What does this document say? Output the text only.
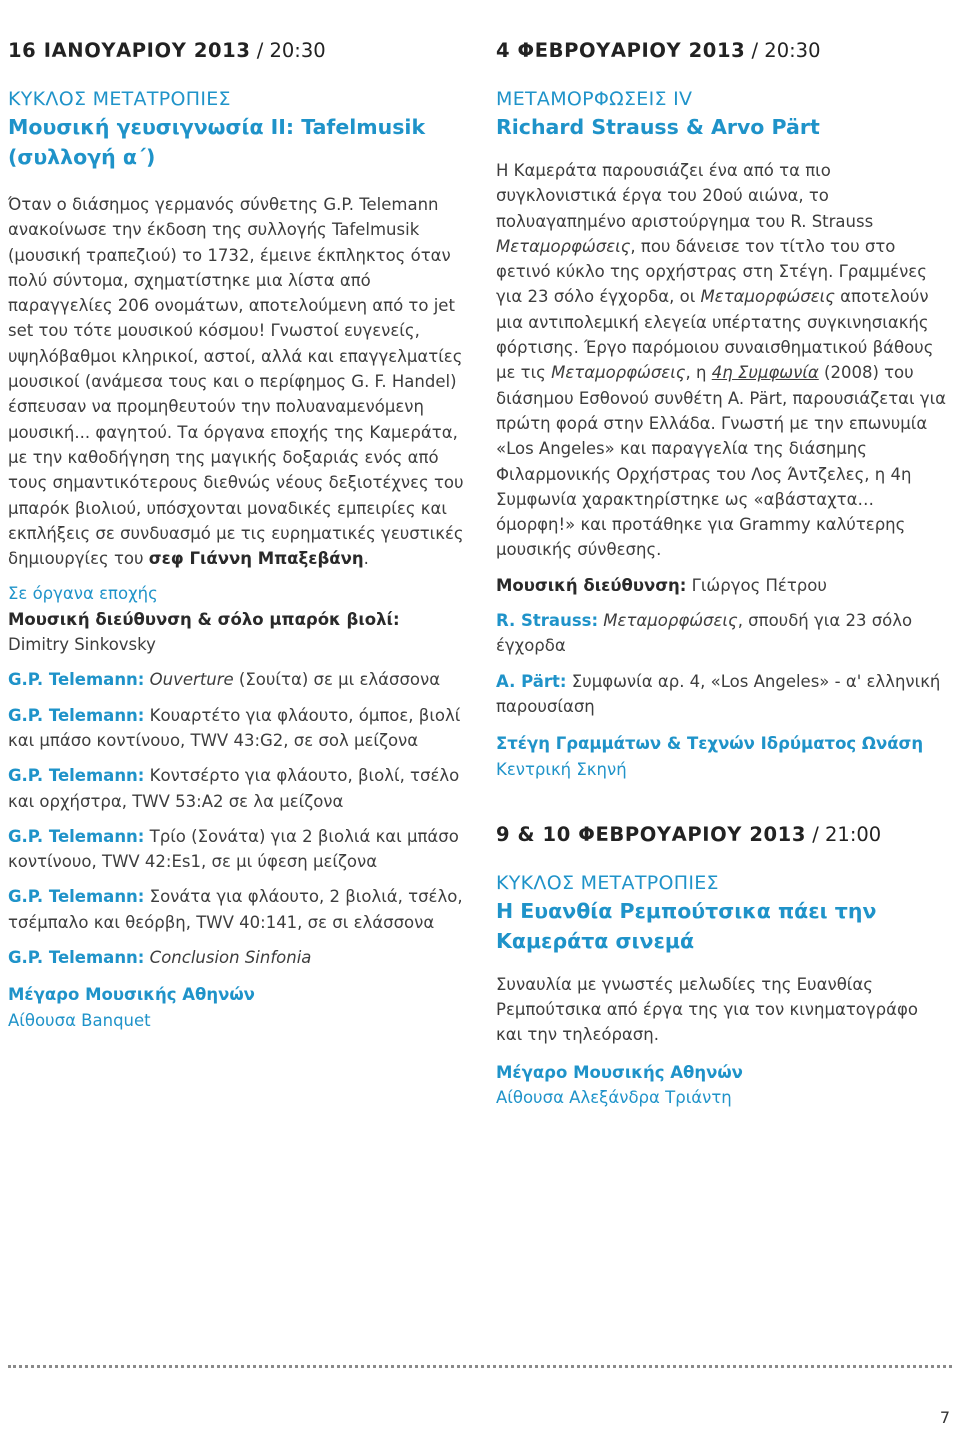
16 ΙΑΝΟΥΑΡΙΟΥ 2013 / 20:30
ΚΥΚΛΟΣ ΜΕΤΑΤΡΟΠΙΕΣ
Μουσική γευσιγνωσία ΙΙ: Tafelmusik
(συλλογή α΄)

Όταν ο διάσημος γερμανός σύνθετης G.P. Telemann ανακοίνωσε την έκδοση της συλλογής Tafelmusik (μουσική τραπεζιού) το 1732, έμεινε έκπληκτος όταν πολύ σύντομα, σχηματίστηκε μια λίστα από παραγγελίες 206 ονομάτων, αποτελούμενη από το jet set του τότε μουσικού κόσμου! Γνωστοί ευγενείς, υψηλόβαθμοι κληρικοί, αστοί, αλλά και επαγγελματίες μουσικοί (ανάμεσα τους και ο περίφημος G. F. Handel) έσπευσαν να προμηθευτούν την πολυαναμενόμενη μουσική... φαγητού. Τα όργανα εποχής της Καμεράτα, με την καθοδήγηση της μαγικής δοξαριάς ενός από τους σημαντικότερους διεθνώς νέους δεξιοτέχνες του μπαρόκ βιολιού, υπόσχονται μοναδικές εμπειρίες και εκπλήξεις σε συνδυασμό με τις ευρηματικές γευστικές δημιουργίες του σεφ Γιάννη Μπαξεβάνη.

Σε όργανα εποχής

Μουσική διεύθυνση & σόλο μπαρόκ βιολί:

Dimitry Sinkovsky

G.P. Telemann: Ouverture (Σουίτα) σε μι ελάσσονα

G.P. Telemann: Κουαρτέτο για φλάουτο, όμποε, βιολί και μπάσο κοντίνουο, TWV 43:G2, σε σολ μείζονα

G.P. Telemann: Κοντσέρτο για φλάουτο, βιολί, τσέλο και ορχήστρα, TWV 53:A2 σε λα μείζονα

G.P. Telemann: Τρίο (Σονάτα) για 2 βιολιά και μπάσο κοντίνουο, TWV 42:Es1, σε μι ύφεση μείζονα

G.P. Telemann: Σονάτα για φλάουτο, 2 βιολιά, τσέλο, τσέμπαλο και θεόρβη, TWV 40:141, σε σι ελάσσονα

G.P. Telemann: Conclusion Sinfonia

Μέγαρο Μουσικής Αθηνών

Αίθουσα Banquet

4 ΦΕΒΡΟΥΑΡΙΟΥ 2013 / 20:30
ΜΕΤΑΜΟΡΦΩΣΕΙΣ IV
Richard Strauss & Arvo Pärt

Η Καμεράτα παρουσιάζει ένα από τα πιο συγκλονιστικά έργα του 20ού αιώνα, το πολυαγαπημένο αριστούργημα του R. Strauss Μεταμορφώσεις, που δάνεισε τον τίτλο του στο φετινό κύκλο της ορχήστρας στη Στέγη. Γραμμένες για 23 σόλο έγχορδα, οι Μεταμορφώσεις αποτελούν μια αντιπολεμική ελεγεία υπέρτατης συγκινησιακής φόρτισης. Έργο παρόμοιου συναισθηματικού βάθους με τις Μεταμορφώσεις, η 4η Συμφωνία (2008) του διάσημου Εσθονού συνθέτη A. Pärt, παρουσιάζεται για πρώτη φορά στην Ελλάδα. Γνωστή με την επωνυμία «Los Angeles» και παραγγελία της διάσημης Φιλαρμονικής Ορχήστρας του Λος Άντζελες, η 4η Συμφωνία χαρακτηρίστηκε ως «αβάσταχτα… όμορφη!» και προτάθηκε για Grammy καλύτερης μουσικής σύνθεσης.

Μουσική διεύθυνση: Γιώργος Πέτρου

R. Strauss: Μεταμορφώσεις, σπουδή για 23 σόλο έγχορδα

A. Pärt: Συμφωνία αρ. 4, «Los Angeles» - α' ελληνική παρουσίαση

Στέγη Γραμμάτων & Τεχνών Ιδρύματος Ωνάση

Κεντρική Σκηνή

9 & 10 ΦΕΒΡΟΥΑΡΙΟΥ 2013 / 21:00
ΚΥΚΛΟΣ ΜΕΤΑΤΡΟΠΙΕΣ
Η Ευανθία Ρεμπούτσικα πάει την Καμεράτα σινεμά

Συναυλία με γνωστές μελωδίες της Ευανθίας Ρεμπούτσικα από έργα της για τον κινηματογράφο και την τηλεόραση.

Μέγαρο Μουσικής Αθηνών

Αίθουσα Αλεξάνδρα Τριάντη

7
